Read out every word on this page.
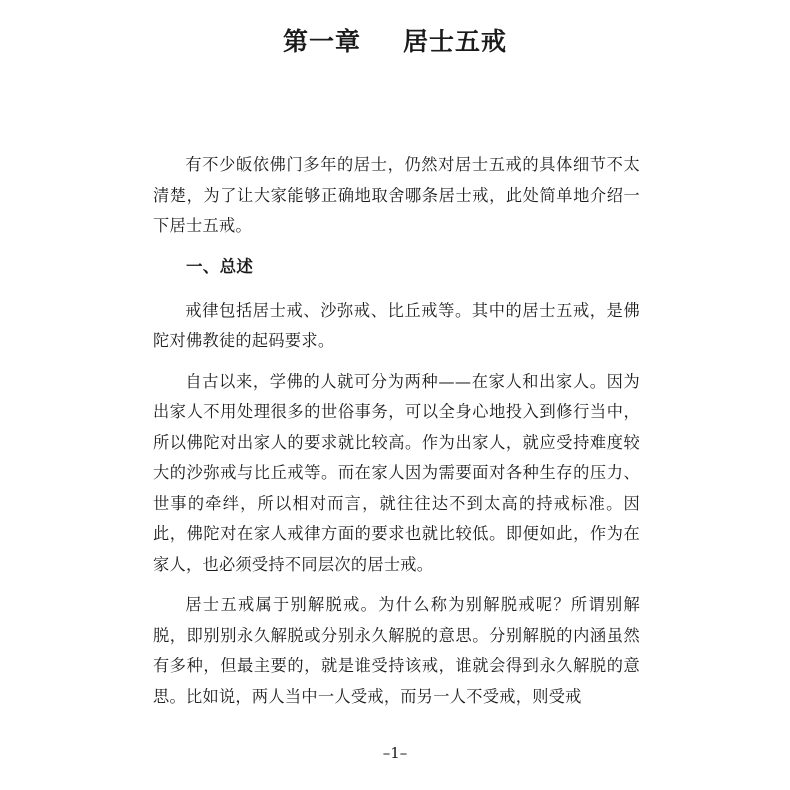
第一章 居士五戒

有不少皈依佛门多年的居士，仍然对居士五戒的具体细节不太清楚，为了让大家能够正确地取舍哪条居士戒，此处简单地介绍一下居士五戒。

一、总述

戒律包括居士戒、沙弥戒、比丘戒等。其中的居士五戒，是佛陀对佛教徒的起码要求。

自古以来，学佛的人就可分为两种——在家人和出家人。因为出家人不用处理很多的世俗事务，可以全身心地投入到修行当中，所以佛陀对出家人的要求就比较高。作为出家人，就应受持难度较大的沙弥戒与比丘戒等。而在家人因为需要面对各种生存的压力、世事的牵绊，所以相对而言，就往往达不到太高的持戒标准。因此，佛陀对在家人戒律方面的要求也就比较低。即便如此，作为在家人，也必须受持不同层次的居士戒。

居士五戒属于别解脱戒。为什么称为别解脱戒呢？所谓别解脱，即别别永久解脱或分别永久解脱的意思。分别解脱的内涵虽然有多种，但最主要的，就是谁受持该戒，谁就会得到永久解脱的意思。比如说，两人当中一人受戒，而另一人不受戒，则受戒

–1–
